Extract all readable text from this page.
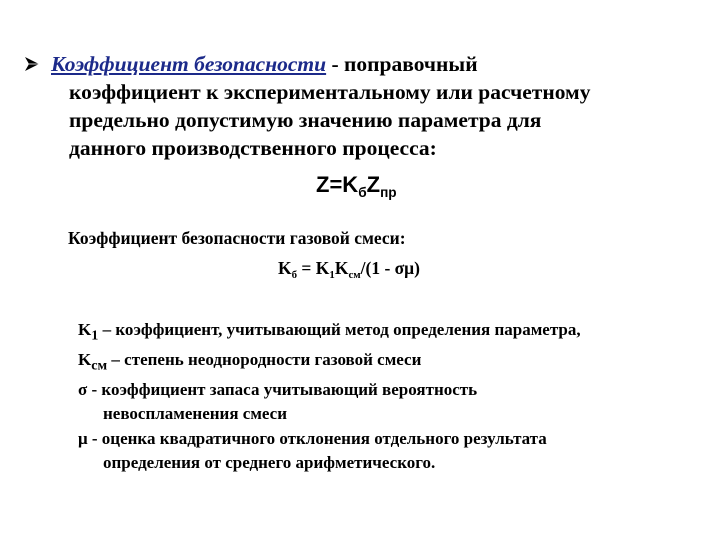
Коэффициент безопасности - поправочный
коэффициент к экспериментальному или расчетному
предельно допустимую значению параметра для
данного производственного процесса:
$Z=K_бZ_{пр}$
Коэффициент безопасности газовой смеси:
$K_б = K_1K_{см}/(1 - \sigma\mu)$
$K_1$ – коэффициент, учитывающий метод определения параметра,
$K_{см}$ – степень неоднородности газовой смеси
σ - коэффициент запаса учитывающий вероятность
невоспламенения смеси
μ - оценка квадратичного отклонения отдельного результата
определения от среднего арифметического.
